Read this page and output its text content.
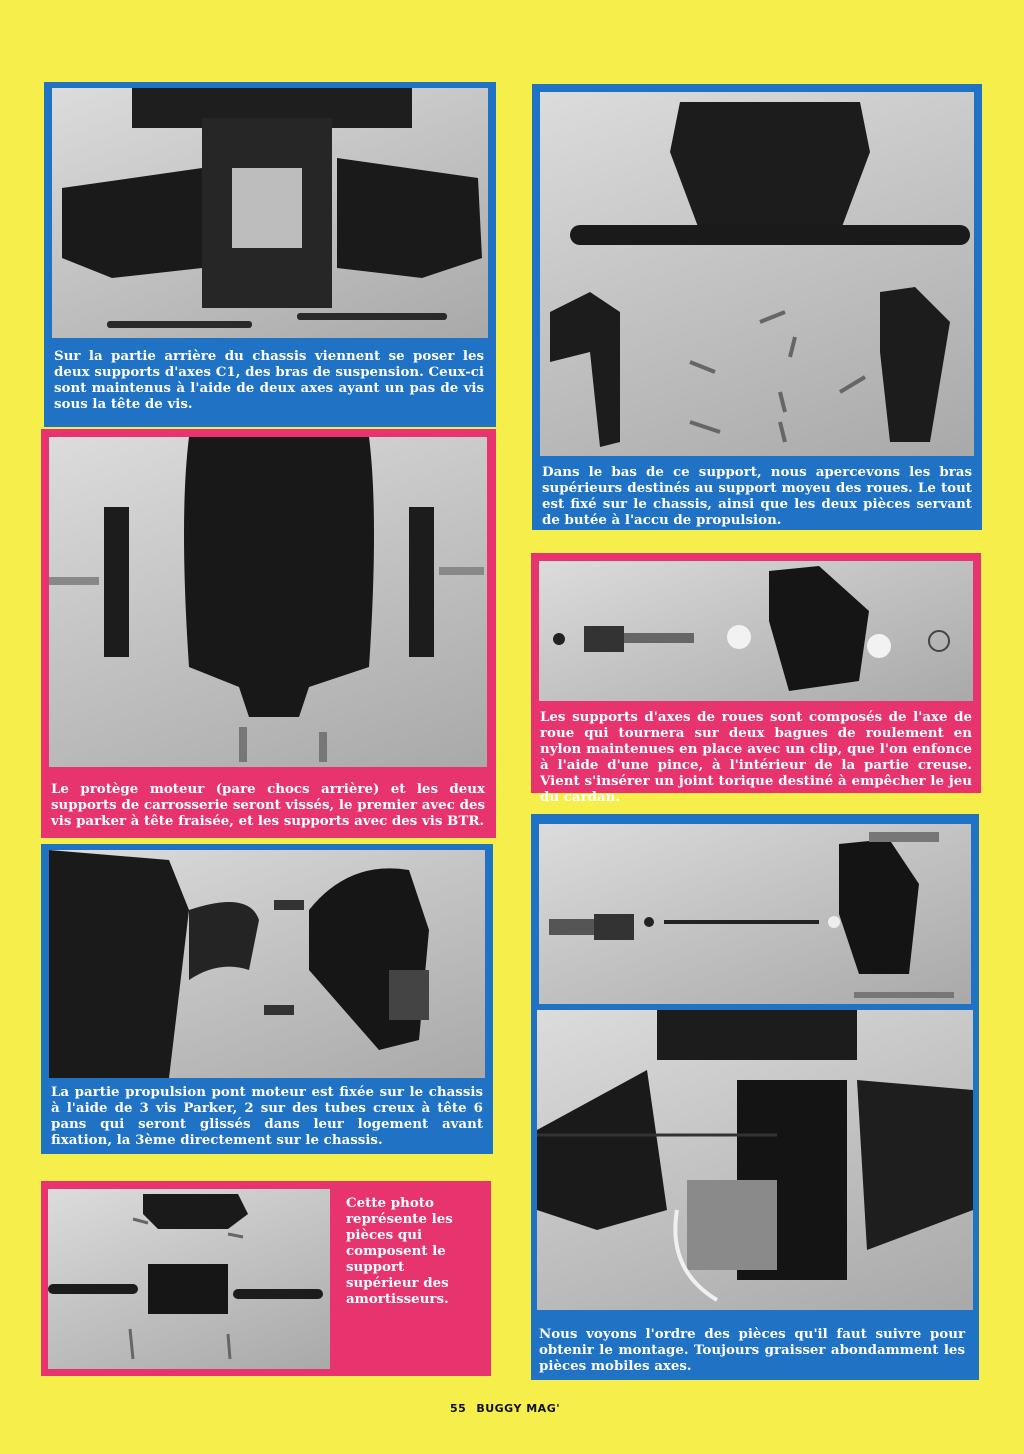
Sur la partie arrière du chassis viennent se poser les deux supports d'axes C1, des bras de suspension. Ceux-ci sont maintenus à l'aide de deux axes ayant un pas de vis sous la tête de vis.

Dans le bas de ce support, nous apercevons les bras supérieurs destinés au support moyeu des roues. Le tout est fixé sur le chassis, ainsi que les deux pièces servant de butée à l'accu de propulsion.

Le protège moteur (pare chocs arrière) et les deux supports de carrosserie seront vissés, le premier avec des vis parker à tête fraisée, et les supports avec des vis BTR.

Les supports d'axes de roues sont composés de l'axe de roue qui tournera sur deux bagues de roulement en nylon maintenues en place avec un clip, que l'on enfonce à l'aide d'une pince, à l'intérieur de la partie creuse. Vient s'insérer un joint torique destiné à empêcher le jeu du cardan.

La partie propulsion pont moteur est fixée sur le chassis à l'aide de 3 vis Parker, 2 sur des tubes creux à tête 6 pans qui seront glissés dans leur logement avant fixation, la 3ème directement sur le chassis.

Nous voyons l'ordre des pièces qu'il faut suivre pour obtenir le montage. Toujours graisser abondamment les pièces mobiles axes.

Cette photo représente les pièces qui composent le support supérieur des amortisseurs.

55 BUGGY MAG'
